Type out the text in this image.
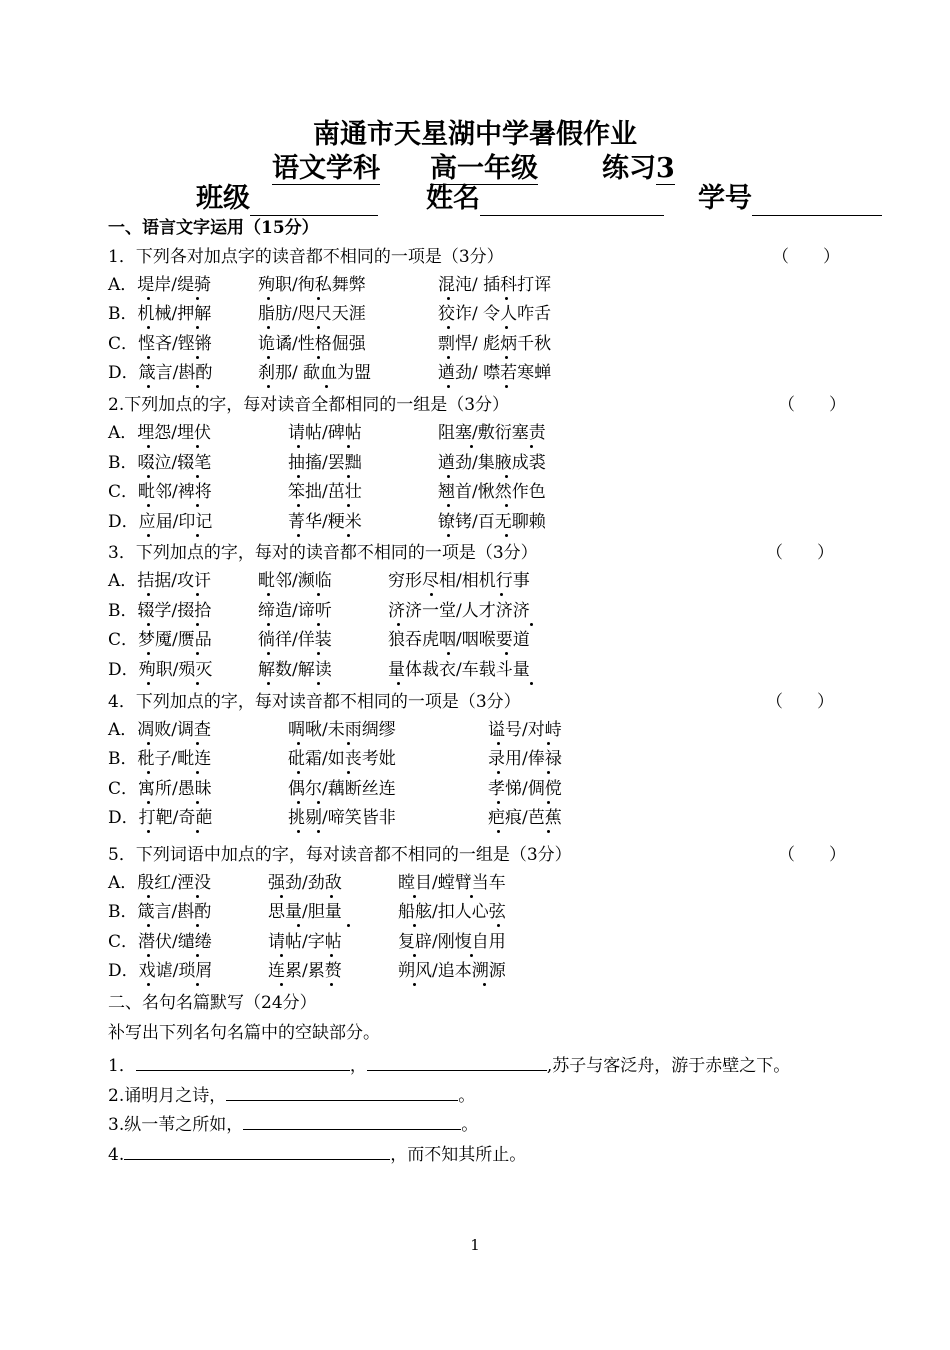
南通市天星湖中学暑假作业
语文学科 高一年级 练习3
班级	姓名	学号
一、语言文字运用（15分）
1．下列各对加点字的读音都不相同的一项是（3分）	（　　）
A．堤岸/缇骑	殉职/徇私舞弊	混沌/ 插科打诨
B．机械/押解	脂肪/咫尺天涯	狡诈/ 令人咋舌
C．悭吝/铿锵	诡谲/性格倔强	剽悍/ 彪炳千秋
D．箴言/斟酌	刹那/ 歃血为盟	遒劲/ 噤若寒蝉
2.下列加点的字，每对读音全都相同的一组是（3分）	（　　）
A．埋怨/埋伏	请帖/碑帖	阻塞/敷衍塞责
B．啜泣/辍笔	抽搐/罢黜	遒劲/集腋成裘
C．毗邻/裨将	笨拙/茁壮	翘首/愀然作色
D．应届/印记	菁华/粳米	镣铐/百无聊赖
3．下列加点的字，每对的读音都不相同的一项是（3分）	（　　）
A．拮据/攻讦	毗邻/濒临	穷形尽相/相机行事
B．辍学/掇拾	缔造/谛听	济济一堂/人才济济
C．梦魇/赝品	徜徉/佯装	狼吞虎咽/咽喉要道
D．殉职/殒灭	解数/解读	量体裁衣/车载斗量
4．下列加点的字，每对读音都不相同的一项是（3分）	（　　）
A．凋败/调查	啁啾/未雨绸缪	谥号/对峙
B．秕子/毗连	砒霜/如丧考妣	录用/俸禄
C．寓所/愚昧	偶尔/藕断丝连	孝悌/倜傥
D．打靶/奇葩	挑剔/啼笑皆非	疤痕/芭蕉
5．下列词语中加点的字，每对读音都不相同的一组是（3分）	（　　）
A．殷红/湮没	强劲/劲敌	瞠目/螳臂当车
B．箴言/斟酌	思量/胆量	船舷/扣人心弦
C．潜伏/缱绻	请帖/字帖	复辟/刚愎自用
D．戏谑/琐屑	连累/累赘	朔风/追本溯源
二、名句名篇默写（24分）
补写出下列名句名篇中的空缺部分。
1．	，	,苏子与客泛舟，游于赤壁之下。
2.诵明月之诗，	。
3.纵一苇之所如，	。
4.	，而不知其所止。
1
